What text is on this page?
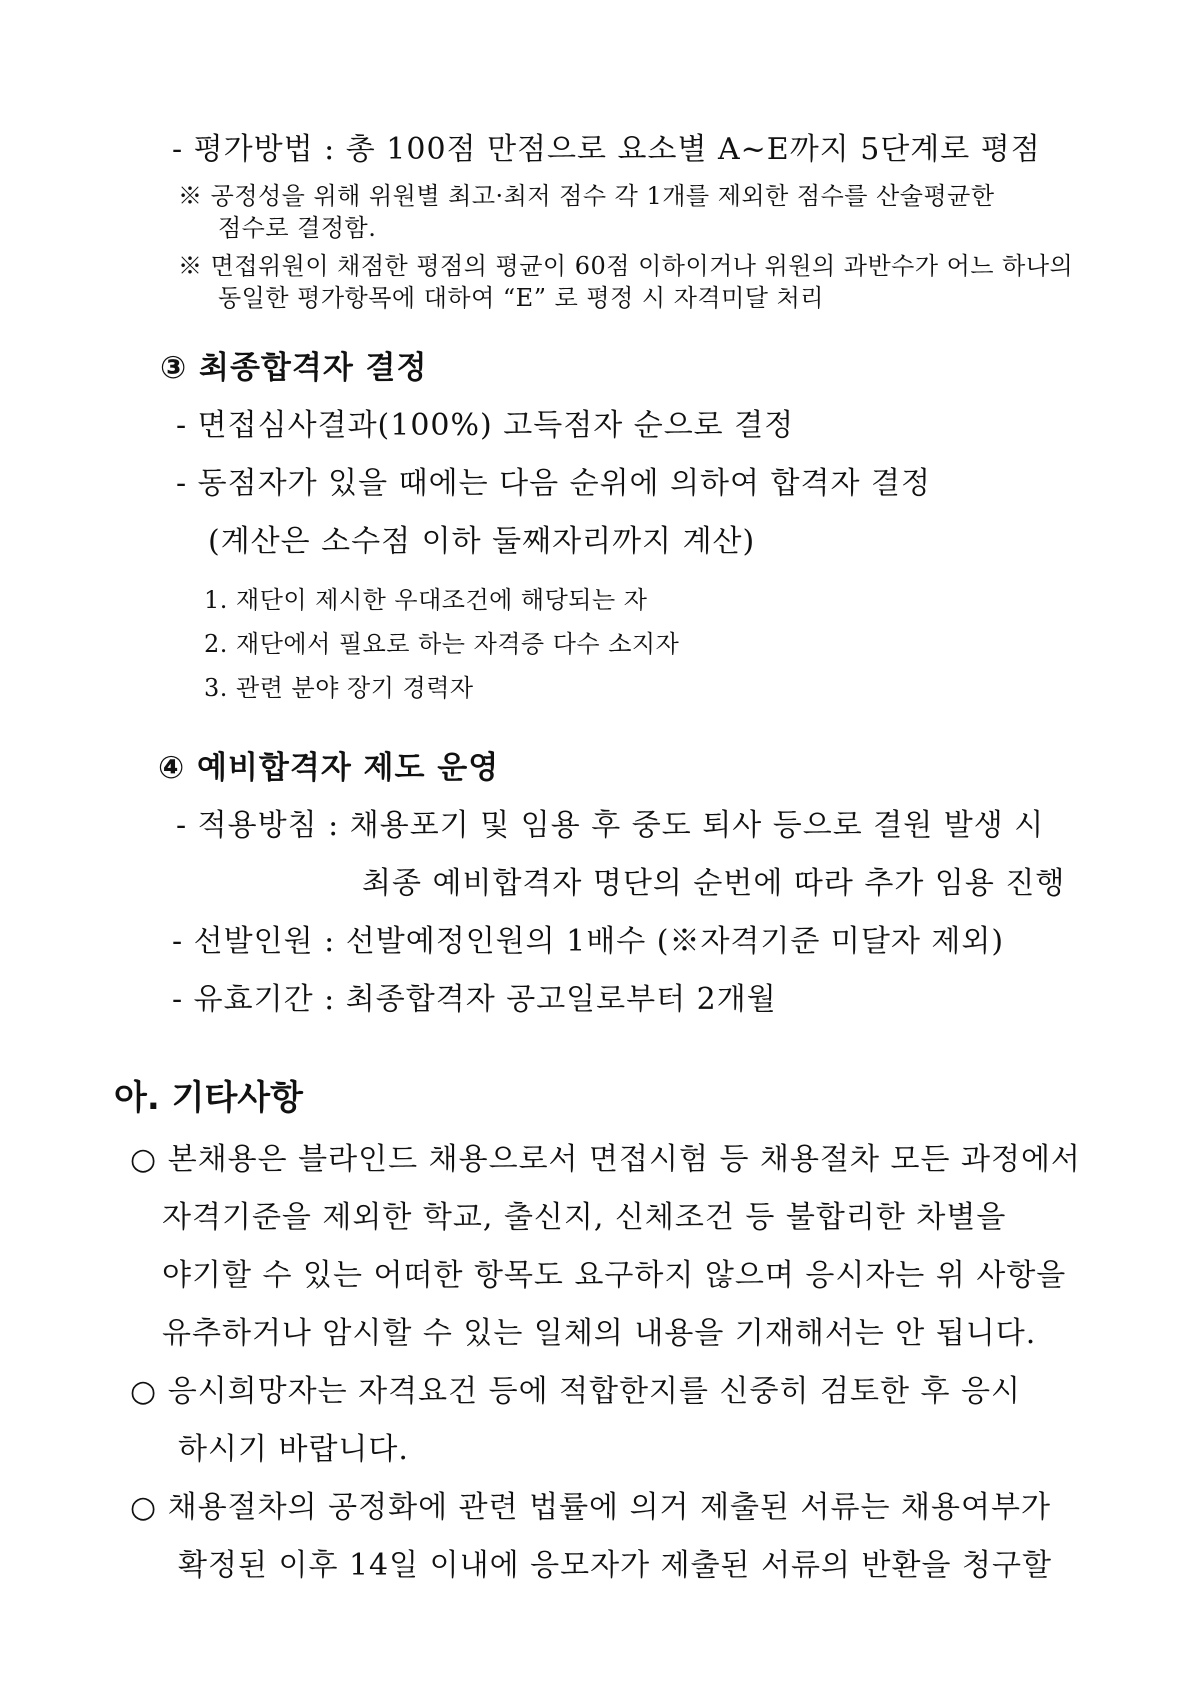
- 평가방법 : 총 100점 만점으로 요소별 A~E까지 5단계로 평점
※ 공정성을 위해 위원별 최고·최저 점수 각 1개를 제외한 점수를 산술평균한
점수로 결정함.
※ 면접위원이 채점한 평점의 평균이 60점 이하이거나 위원의 과반수가 어느 하나의
동일한 평가항목에 대하여 “E” 로 평정 시 자격미달 처리
③ 최종합격자 결정
- 면접심사결과(100%) 고득점자 순으로 결정
- 동점자가 있을 때에는 다음 순위에 의하여 합격자 결정
(계산은 소수점 이하 둘째자리까지 계산)
1. 재단이 제시한 우대조건에 해당되는 자
2. 재단에서 필요로 하는 자격증 다수 소지자
3. 관련 분야 장기 경력자
④ 예비합격자 제도 운영
- 적용방침 : 채용포기 및 임용 후 중도 퇴사 등으로 결원 발생 시
최종 예비합격자 명단의 순번에 따라 추가 임용 진행
- 선발인원 : 선발예정인원의 1배수 (※자격기준 미달자 제외)
- 유효기간 : 최종합격자 공고일로부터 2개월
아. 기타사항
○ 본채용은 블라인드 채용으로서 면접시험 등 채용절차 모든 과정에서
자격기준을 제외한 학교, 출신지, 신체조건 등 불합리한 차별을
야기할 수 있는 어떠한 항목도 요구하지 않으며 응시자는 위 사항을
유추하거나 암시할 수 있는 일체의 내용을 기재해서는 안 됩니다.
○ 응시희망자는 자격요건 등에 적합한지를 신중히 검토한 후 응시
하시기 바랍니다.
○ 채용절차의 공정화에 관련 법률에 의거 제출된 서류는 채용여부가
확정된 이후 14일 이내에 응모자가 제출된 서류의 반환을 청구할
